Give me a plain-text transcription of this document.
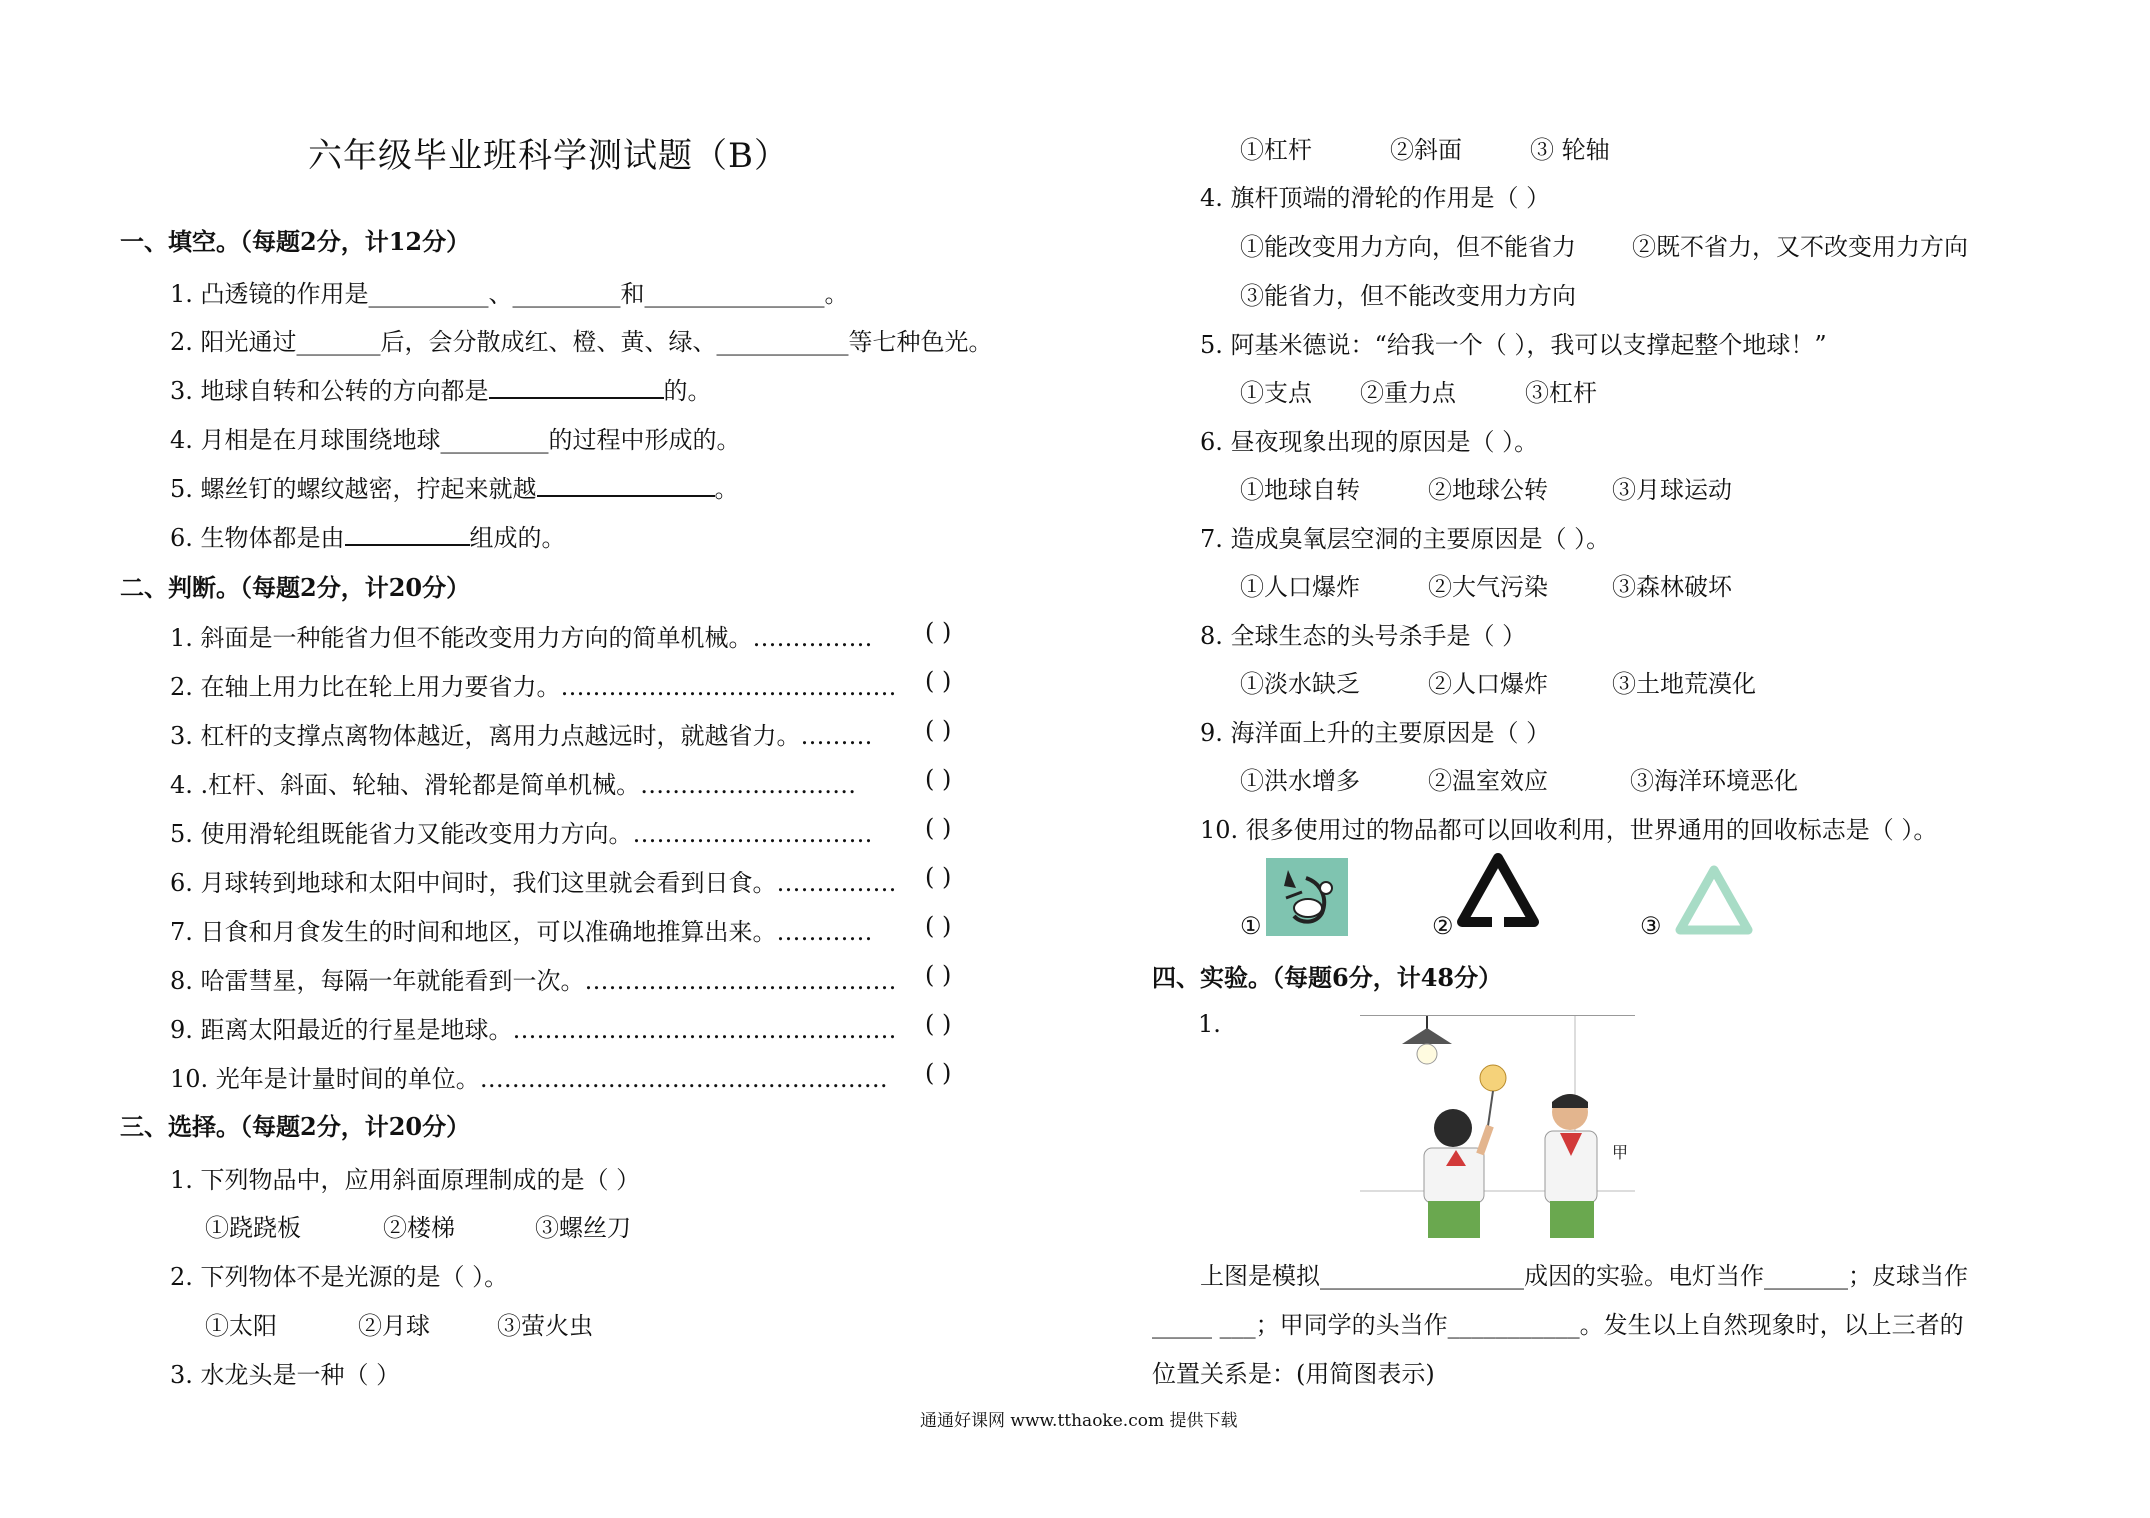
六年级毕业班科学测试题（B）
一、填空。（每题2分，计12分）
1. 凸透镜的作用是__________、_________和_______________。
2. 阳光通过_______后，会分散成红、橙、黄、绿、___________等七种色光。
3. 地球自转和公转的方向都是	的。
4. 月相是在月球围绕地球_________的过程中形成的。
5. 螺丝钉的螺纹越密，拧起来就越	。
6. 生物体都是由	组成的。
二、判断。（每题2分，计20分）
1. 斜面是一种能省力但不能改变用力方向的简单机械。…………… ( )
2. 在轴上用力比在轮上用力要省力。…………………………………… ( )
3. 杠杆的支撑点离物体越近，离用力点越远时，就越省力。……… ( )
4. .杠杆、斜面、轮轴、滑轮都是简单机械。………………………	( )
5. 使用滑轮组既能省力又能改变用力方向。………………………… ( )
6. 月球转到地球和太阳中间时，我们这里就会看到日食。…………… ( )
7. 日食和月食发生的时间和地区，可以准确地推算出来。………… ( )
8. 哈雷彗星，每隔一年就能看到一次。………………………………… ( )
9. 距离太阳最近的行星是地球。………………………………………… ( )
10. 光年是计量时间的单位。…………………………………………… ( )
三、选择。（每题2分，计20分）
1. 下列物品中，应用斜面原理制成的是（ ）
①跷跷板	②楼梯	③螺丝刀
2. 下列物体不是光源的是（ ）。
①太阳	②月球	③萤火虫
3. 水龙头是一种（ ）
①杠杆	②斜面	③ 轮轴
4. 旗杆顶端的滑轮的作用是（ ）
①能改变用力方向，但不能省力 ②既不省力，又不改变用力方向
③能省力，但不能改变用力方向
5. 阿基米德说：“给我一个（ ），我可以支撑起整个地球！”
①支点 ②重力点	③杠杆
6. 昼夜现象出现的原因是（ ）。
①地球自转	②地球公转	③月球运动
7. 造成臭氧层空洞的主要原因是（ ）。
①人口爆炸	②大气污染	③森林破坏
8. 全球生态的头号杀手是（ ）
①淡水缺乏	②人口爆炸	③土地荒漠化
9. 海洋面上升的主要原因是（ ）
①洪水增多	②温室效应	③海洋环境恶化
10. 很多使用过的物品都可以回收利用，世界通用的回收标志是（ ）。
①	②	③
四、实验。（每题6分，计48分）
1.
甲
上图是模拟_________________成因的实验。电灯当作_______；皮球当作
_____ ___；甲同学的头当作___________。发生以上自然现象时，以上三者的
位置关系是：(用简图表示)
通通好课网 www.tthaoke.com 提供下载
